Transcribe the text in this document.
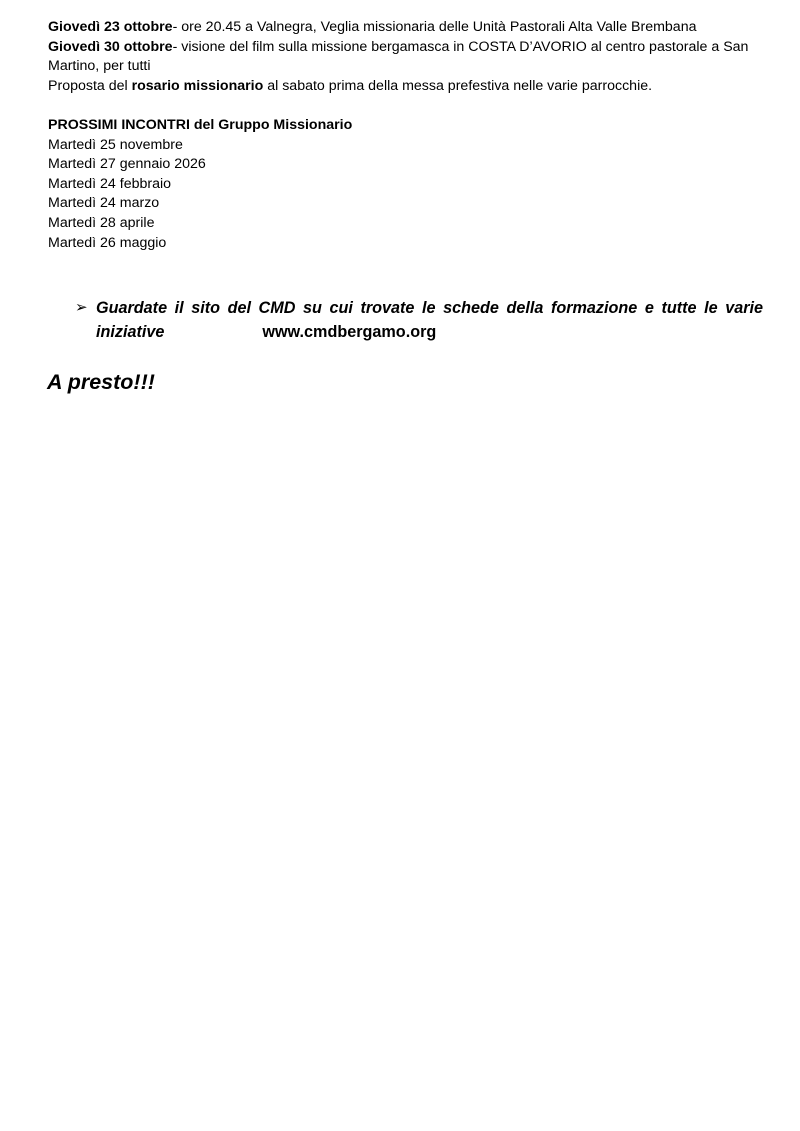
Giovedì 23 ottobre- ore 20.45 a Valnegra, Veglia missionaria delle Unità Pastorali Alta Valle Brembana

Giovedì 30 ottobre- visione del film sulla missione bergamasca in COSTA D’AVORIO al centro pastorale a San Martino, per tutti

Proposta del rosario missionario al sabato prima della messa prefestiva nelle varie parrocchie.

PROSSIMI INCONTRI del Gruppo Missionario

Martedì 25 novembre

Martedì 27 gennaio 2026

Martedì 24 febbraio

Martedì 24 marzo

Martedì 28 aprile

Martedì 26 maggio

➢ Guardate il sito del CMD su cui trovate le schede della formazione e tutte le varie iniziative	www.cmdbergamo.org

A presto!!!
